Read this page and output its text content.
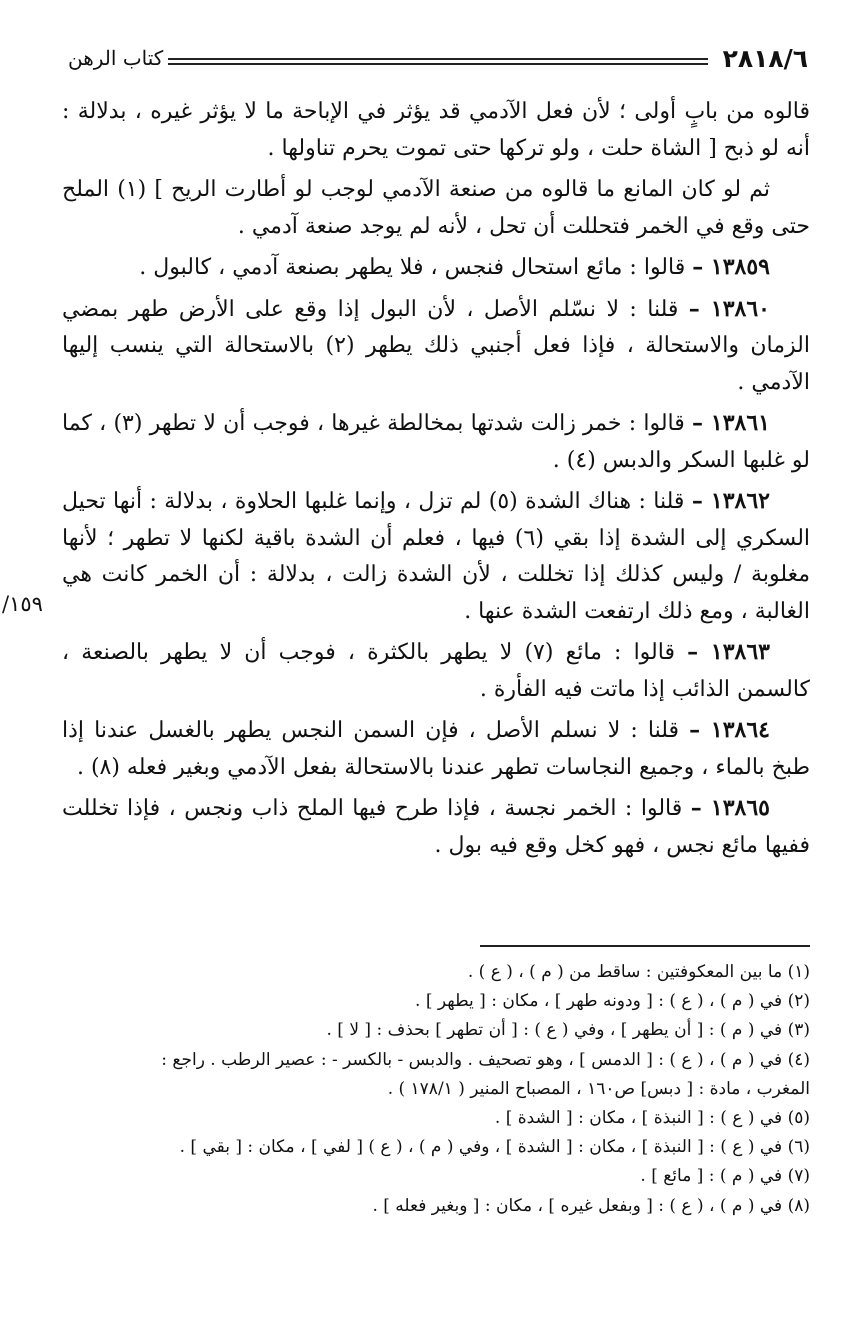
٢٨١٨/٦
كتاب الرهن

قالوه من بابٍ أولى ؛ لأن فعل الآدمي قد يؤثر في الإباحة ما لا يؤثر غيره ، بدلالة : أنه لو ذبح [ الشاة حلت ، ولو تركها حتى تموت يحرم تناولها .

ثم لو كان المانع ما قالوه من صنعة الآدمي لوجب لو أطارت الريح ] (١) الملح حتى وقع في الخمر فتحللت أن تحل ، لأنه لم يوجد صنعة آدمي .

١٣٨٥٩ – قالوا : مائع استحال فنجس ، فلا يطهر بصنعة آدمي ، كالبول .

١٣٨٦٠ – قلنا : لا نسّلم الأصل ، لأن البول إذا وقع على الأرض طهر بمضي الزمان والاستحالة ، فإذا فعل أجنبي ذلك يطهر (٢) بالاستحالة التي ينسب إليها الآدمي .

١٣٨٦١ – قالوا : خمر زالت شدتها بمخالطة غيرها ، فوجب أن لا تطهر (٣) ، كما لو غلبها السكر والدبس (٤) .

١٣٨٦٢ – قلنا : هناك الشدة (٥) لم تزل ، وإنما غلبها الحلاوة ، بدلالة : أنها تحيل السكري إلى الشدة إذا بقي (٦) فيها ، فعلم أن الشدة باقية لكنها لا تطهر ؛ لأنها مغلوبة / وليس كذلك إذا تخللت ، لأن الشدة زالت ، بدلالة : أن الخمر كانت هي الغالبة ، ومع ذلك ارتفعت الشدة عنها .

١٣٨٦٣ – قالوا : مائع (٧) لا يطهر بالكثرة ، فوجب أن لا يطهر بالصنعة ، كالسمن الذائب إذا ماتت فيه الفأرة .

١٣٨٦٤ – قلنا : لا نسلم الأصل ، فإن السمن النجس يطهر بالغسل عندنا إذا طبخ بالماء ، وجميع النجاسات تطهر عندنا بالاستحالة بفعل الآدمي وبغير فعله (٨) .

١٣٨٦٥ – قالوا : الخمر نجسة ، فإذا طرح فيها الملح ذاب ونجس ، فإذا تخللت ففيها مائع نجس ، فهو كخل وقع فيه بول .

١٥٩/

(١) ما بين المعكوفتين : ساقط من ( م ) ، ( ع ) .

(٢) في ( م ) ، ( ع ) : [ ودونه طهر ] ، مكان : [ يطهر ] .

(٣) في ( م ) : [ أن يطهر ] ، وفي ( ع ) : [ أن تطهر ] بحذف : [ لا ] .

(٤) في ( م ) ، ( ع ) : [ الدمس ] ، وهو تصحيف . والدبس - بالكسر - : عصير الرطب . راجع :

المغرب ، مادة : [ دبس] ص١٦٠ ، المصباح المنير ( ١٧٨/١ ) .

(٥) في ( ع ) : [ النبذة ] ، مكان : [ الشدة ] .

(٦) في ( ع ) : [ النبذة ] ، مكان : [ الشدة ] ، وفي ( م ) ، ( ع ) [ لفي ] ، مكان : [ بقي ] .

(٧) في ( م ) : [ مائع ] .

(٨) في ( م ) ، ( ع ) : [ وبفعل غيره ] ، مكان : [ وبغير فعله ] .
